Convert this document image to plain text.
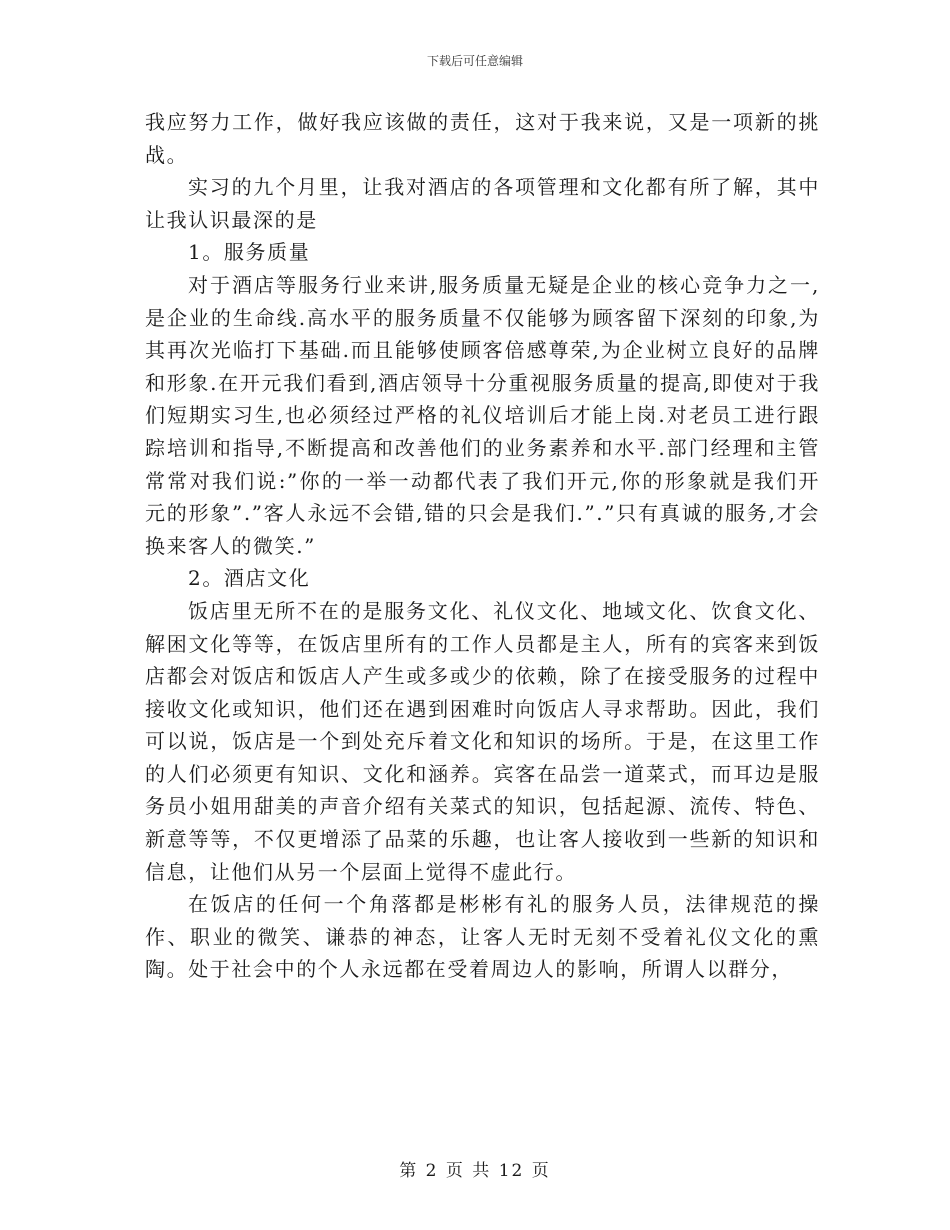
下载后可任意编辑

我应努力工作，做好我应该做的责任，这对于我来说，又是一项新的挑战。

实习的九个月里，让我对酒店的各项管理和文化都有所了解，其中让我认识最深的是

1。服务质量

对于酒店等服务行业来讲,服务质量无疑是企业的核心竞争力之一,是企业的生命线.高水平的服务质量不仅能够为顾客留下深刻的印象,为其再次光临打下基础.而且能够使顾客倍感尊荣,为企业树立良好的品牌和形象.在开元我们看到,酒店领导十分重视服务质量的提高,即使对于我们短期实习生,也必须经过严格的礼仪培训后才能上岗.对老员工进行跟踪培训和指导,不断提高和改善他们的业务素养和水平.部门经理和主管常常对我们说:”你的一举一动都代表了我们开元,你的形象就是我们开元的形象”.”客人永远不会错,错的只会是我们.”.”只有真诚的服务,才会换来客人的微笑.”

2。酒店文化

饭店里无所不在的是服务文化、礼仪文化、地域文化、饮食文化、解困文化等等，在饭店里所有的工作人员都是主人，所有的宾客来到饭店都会对饭店和饭店人产生或多或少的依赖，除了在接受服务的过程中接收文化或知识，他们还在遇到困难时向饭店人寻求帮助。因此，我们可以说，饭店是一个到处充斥着文化和知识的场所。于是，在这里工作的人们必须更有知识、文化和涵养。宾客在品尝一道菜式，而耳边是服务员小姐用甜美的声音介绍有关菜式的知识，包括起源、流传、特色、新意等等，不仅更增添了品菜的乐趣，也让客人接收到一些新的知识和信息，让他们从另一个层面上觉得不虚此行。

在饭店的任何一个角落都是彬彬有礼的服务人员，法律规范的操作、职业的微笑、谦恭的神态，让客人无时无刻不受着礼仪文化的熏陶。处于社会中的个人永远都在受着周边人的影响，所谓人以群分，

第 2 页 共 12 页
